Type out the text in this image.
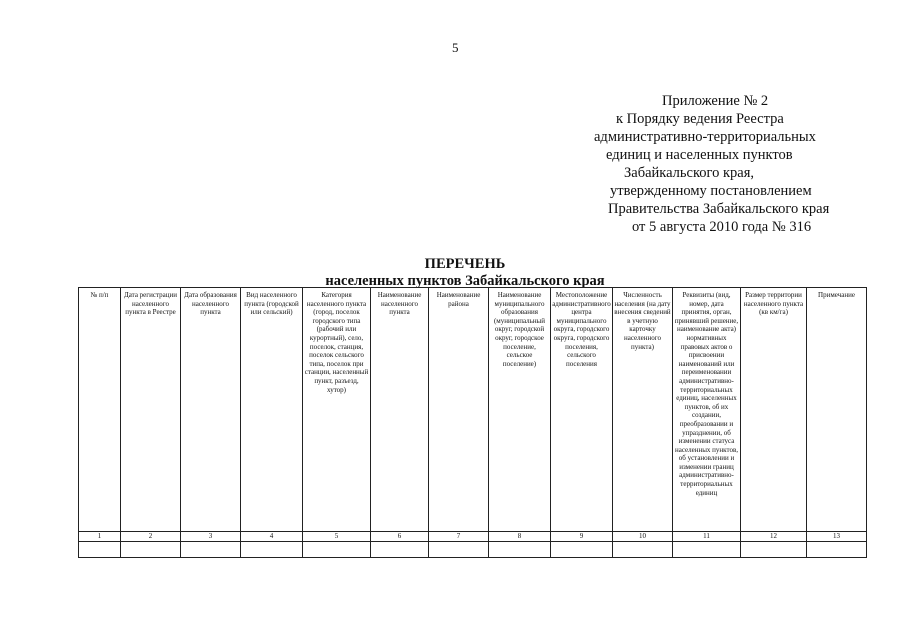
5
Приложение № 2
к Порядку ведения Реестра
административно-территориальных
единиц и населенных пунктов
Забайкальского края,
утвержденному постановлением
Правительства Забайкальского края
от 5 августа 2010 года № 316
ПЕРЕЧЕНЬ
населенных пунктов Забайкальского края
№ п/п	Дата регистрации населенного пункта в Реестре	Дата образования населенного пункта	Вид населенного пункта (городской или сельский)	Категория населенного пункта (город, поселок городского типа (рабочий или курортный), село, поселок, станция, поселок сельского типа, поселок при станции, населенный пункт, разъезд, хутор)	Наименование населенного пункта	Наименование района	Наименование муниципального образования (муниципальный округ, городской округ, городское поселение, сельское поселение)	Местоположение административного центра муниципального округа, городского округа, городского поселения, сельского поселения	Численность населения (на дату внесения сведений в учетную карточку населенного пункта)	Реквизиты (вид, номер, дата принятия, орган, принявший решение, наименование акта) нормативных правовых актов о присвоении наименований или переименовании административно-территориальных единиц, населенных пунктов, об их создании, преобразовании и упразднении, об изменении статуса населенных пунктов, об установлении и изменении границ административно-территориальных единиц	Размер территории населенного пункта (кв км/га)	Примечание
1	2	3	4	5	6	7	8	9	10	11	12	13
